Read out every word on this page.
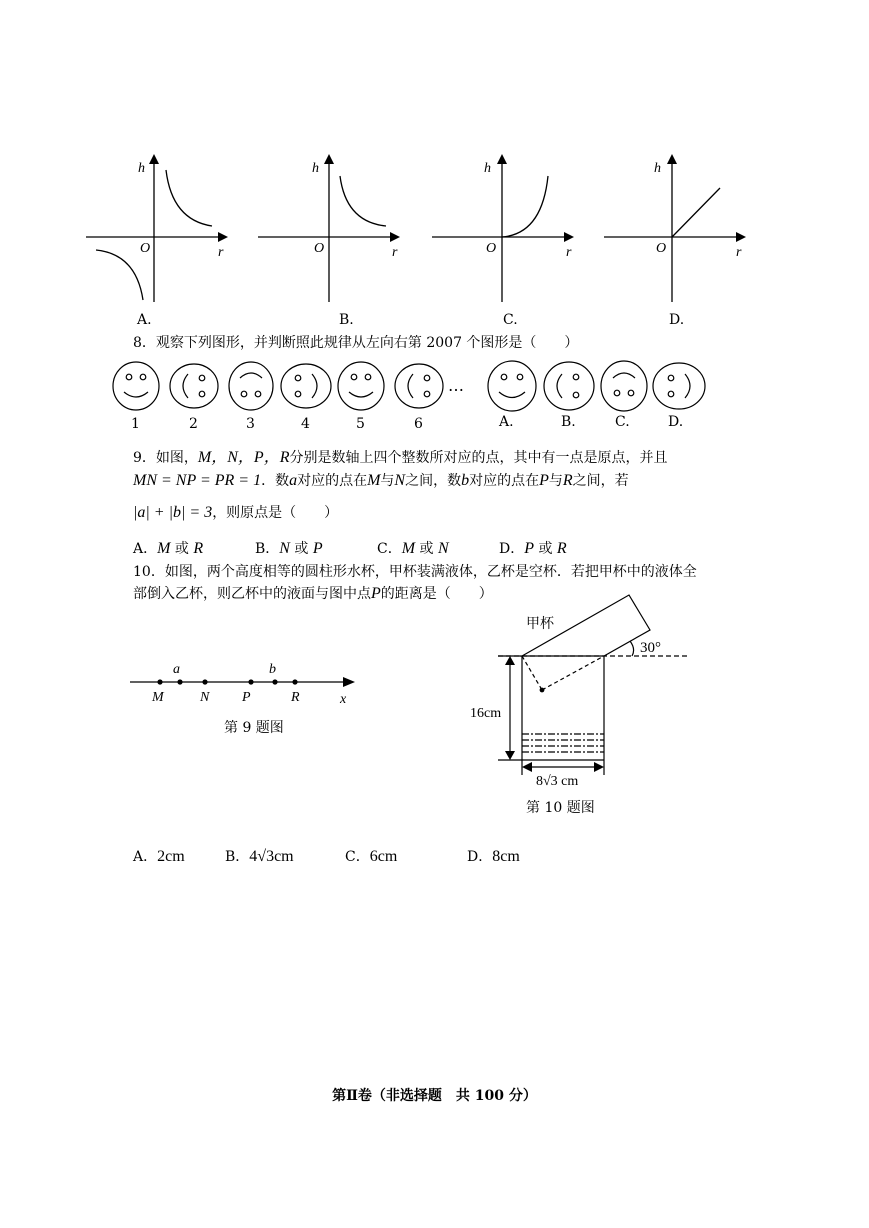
h
O	r
h
O	r
h
O	r
h
O	r
A.	B.	C.	D.
8．观察下列图形，并判断照此规律从左向右第 2007 个图形是（　　）
…
1	2	3	4	5	6	A.	B.	C.	D.
9．如图，M，N，P，R分别是数轴上四个整数所对应的点，其中有一点是原点，并且
MN = NP = PR = 1．数a对应的点在M与N之间，数b对应的点在P与R之间，若
|a| + |b| = 3，则原点是（　　）
A．M 或 R	B．N 或 P	C．M 或 N	D．P 或 R
10．如图，两个高度相等的圆柱形水杯，甲杯装满液体，乙杯是空杯．若把甲杯中的液体全
部倒入乙杯，则乙杯中的液面与图中点P的距离是（　　）
a	b
M	N P	R	x
第 9 题图
甲杯
30°
16cm
8√3 cm
第 10 题图
A．2cm	B．4√3cm	C．6cm	D．8cm
第Ⅱ卷（非选择题　共 100 分）
